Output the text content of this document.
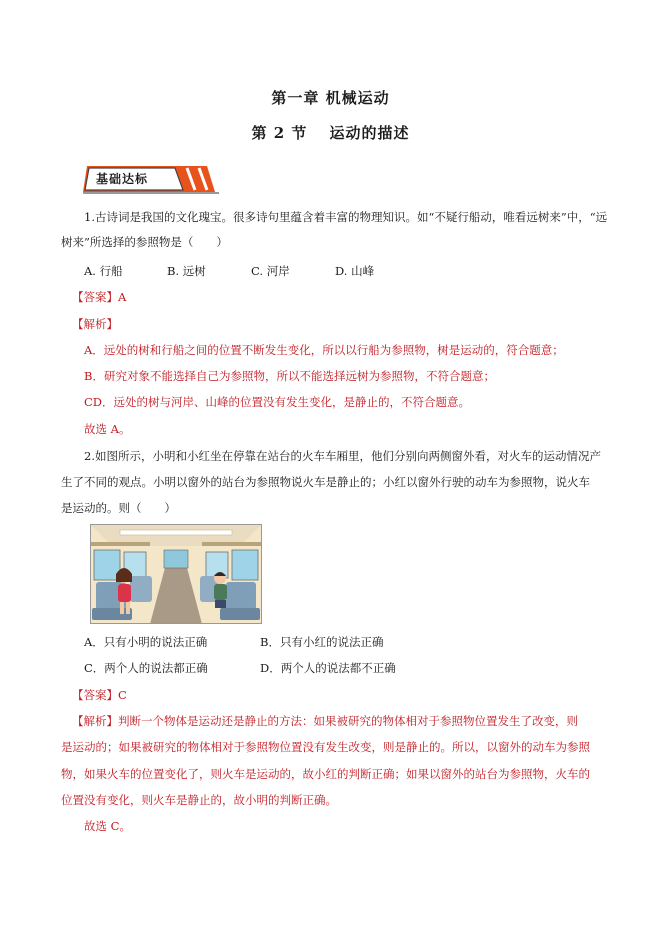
第一章 机械运动
第 2 节 运动的描述
基础达标
1.古诗词是我国的文化瑰宝。很多诗句里蕴含着丰富的物理知识。如“不疑行船动，唯看远树来”中，“远
树来”所选择的参照物是（　　）
A. 行船	B. 远树	C. 河岸	D. 山峰
【答案】A
【解析】
A．远处的树和行船之间的位置不断发生变化，所以以行船为参照物，树是运动的，符合题意；
B．研究对象不能选择自己为参照物，所以不能选择远树为参照物，不符合题意；
CD．远处的树与河岸、山峰的位置没有发生变化，是静止的，不符合题意。
故选 A。
2.如图所示，小明和小红坐在停靠在站台的火车车厢里，他们分别向两侧窗外看，对火车的运动情况产
生了不同的观点。小明以窗外的站台为参照物说火车是静止的；小红以窗外行驶的动车为参照物，说火车
是运动的。则（　　）
A．只有小明的说法正确	B．只有小红的说法正确
C．两个人的说法都正确	D．两个人的说法都不正确
【答案】C
【解析】判断一个物体是运动还是静止的方法：如果被研究的物体相对于参照物位置发生了改变，则
是运动的；如果被研究的物体相对于参照物位置没有发生改变，则是静止的。所以，以窗外的动车为参照
物，如果火车的位置变化了，则火车是运动的，故小红的判断正确；如果以窗外的站台为参照物，火车的
位置没有变化，则火车是静止的，故小明的判断正确。
故选 C。
